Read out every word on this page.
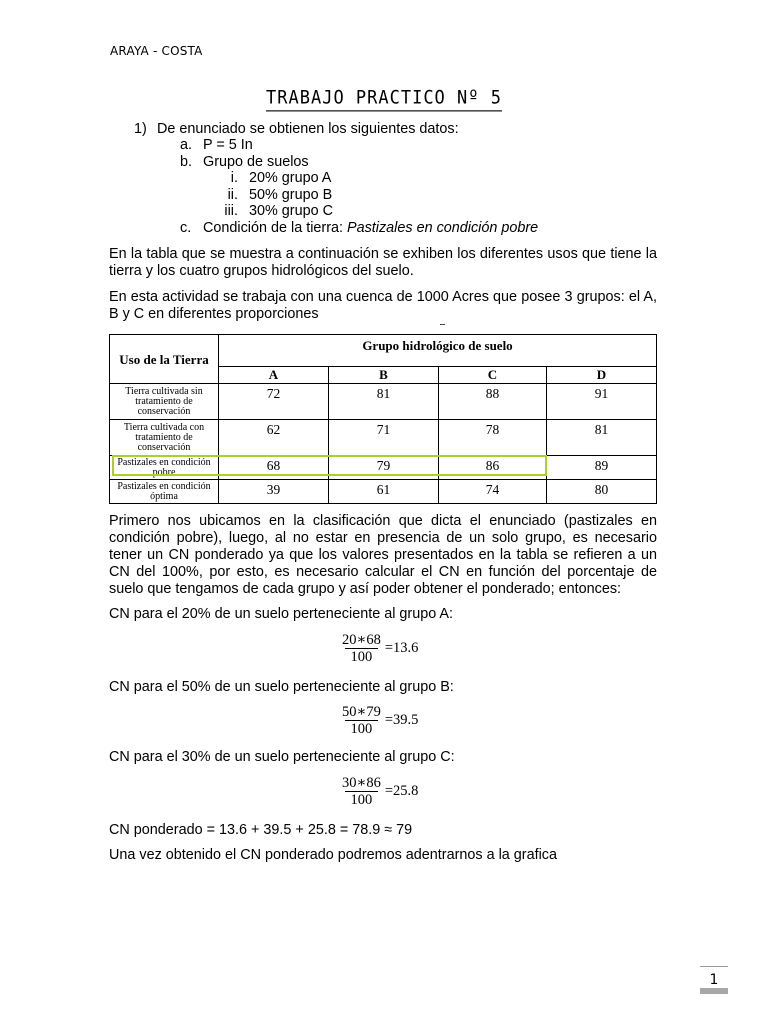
ARAYA - COSTA
TRABAJO PRACTICO Nº 5
1) De enunciado se obtienen los siguientes datos:
a. P = 5 In
b. Grupo de suelos
i. 20% grupo A
ii. 50% grupo B
iii. 30% grupo C
c. Condición de la tierra: Pastizales en condición pobre
En la tabla que se muestra a continuación se exhiben los diferentes usos que tiene la tierra y los cuatro grupos hidrológicos del suelo.
En esta actividad se trabaja con una cuenca de 1000 Acres que posee 3 grupos: el A, B y C en diferentes proporciones
Uso de la Tierra	Grupo hidrológico de suelo			
	A	B	C	D
Tierra cultivada sin tratamiento de conservación	72	81	88	91
Tierra cultivada con tratamiento de conservación	62	71	78	81
Pastizales en condición pobre	68	79	86	89
Pastizales en condición óptima	39	61	74	80
Primero nos ubicamos en la clasificación que dicta el enunciado (pastizales en condición pobre), luego, al no estar en presencia de un solo grupo, es necesario tener un CN ponderado ya que los valores presentados en la tabla se refieren a un CN del 100%, por esto, es necesario calcular el CN en función del porcentaje de suelo que tengamos de cada grupo y así poder obtener el ponderado; entonces:
CN para el 20% de un suelo perteneciente al grupo A:
$\frac{20∗68}{100} =13.6$
CN para el 50% de un suelo perteneciente al grupo B:
$\frac{50∗79}{100} =39.5$
CN para el 30% de un suelo perteneciente al grupo C:
$\frac{30∗86}{100} =25.8$
CN ponderado = 13.6 + 39.5 + 25.8 = 78.9 ≈ 79
Una vez obtenido el CN ponderado podremos adentrarnos a la grafica
1
